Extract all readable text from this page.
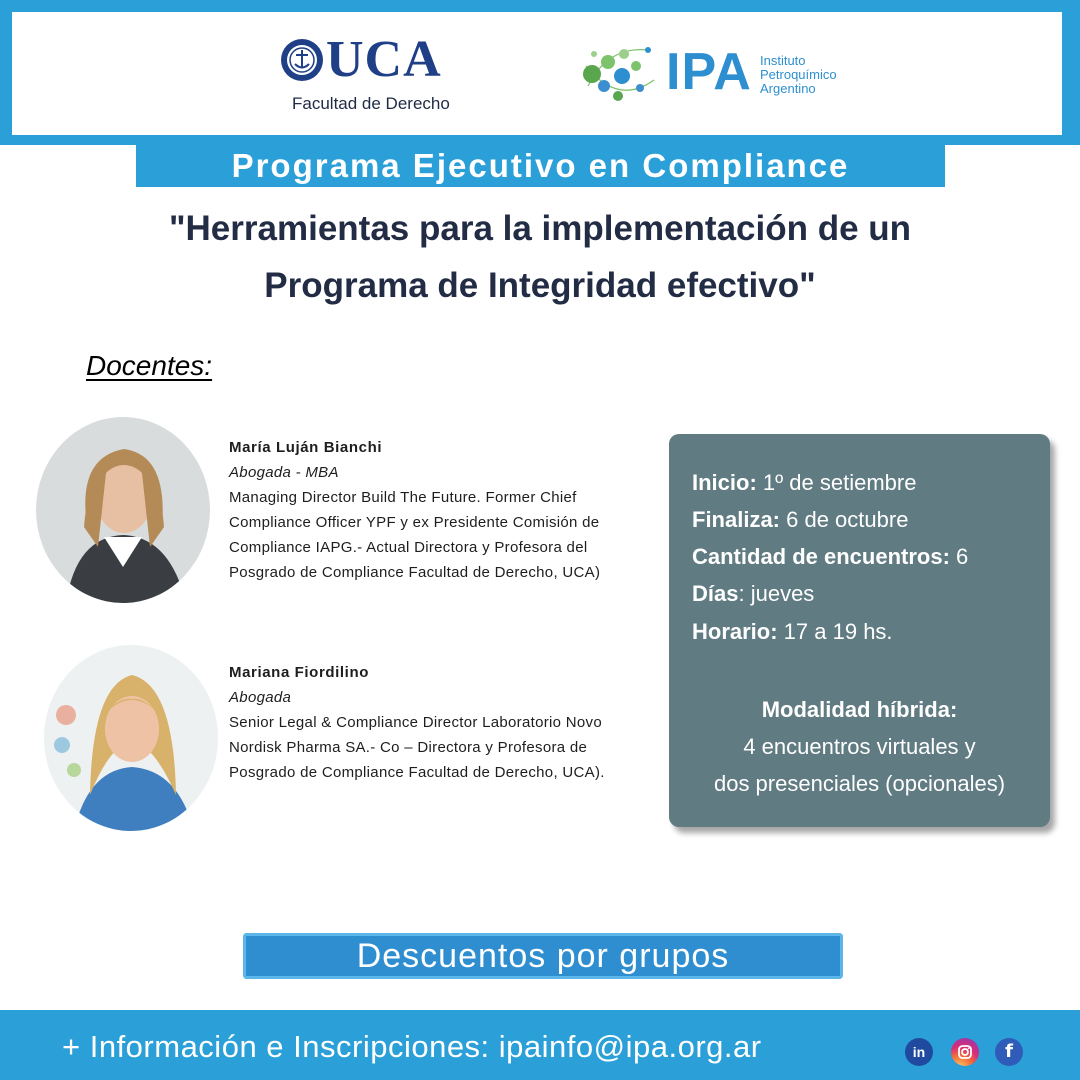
UCA
Facultad de Derecho
IPA Instituto
Petroquímico
Argentino
Programa Ejecutivo en Compliance
"Herramientas para la implementación de un
Programa de Integridad efectivo"
Docentes:
María Luján Bianchi
Abogada - MBA
Managing Director Build The Future. Former Chief Compliance Officer YPF y ex Presidente Comisión de Compliance IAPG.- Actual Directora y Profesora del Posgrado de Compliance Facultad de Derecho, UCA)
Mariana Fiordilino
Abogada
Senior Legal & Compliance Director Laboratorio Novo Nordisk Pharma SA.- Co – Directora y Profesora de Posgrado de Compliance Facultad de Derecho, UCA).
Inicio: 1º de setiembre
Finaliza: 6 de octubre
Cantidad de encuentros: 6
Días: jueves
Horario: 17 a 19 hs.
Modalidad híbrida:
4 encuentros virtuales y
dos presenciales (opcionales)
Descuentos por grupos
+ Información e Inscripciones: ipainfo@ipa.org.ar	in	f
